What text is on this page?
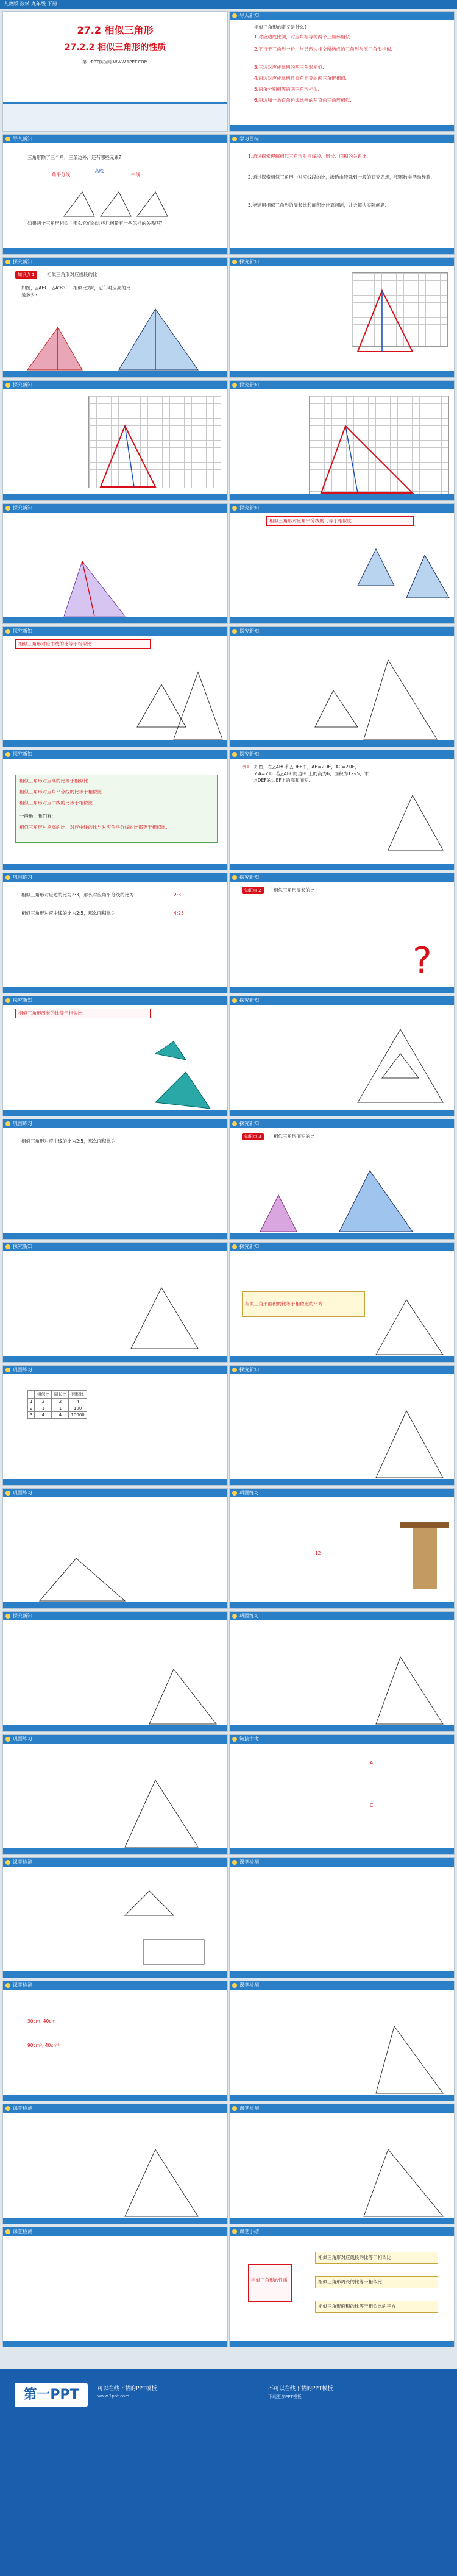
人教版 数学 九年级 下册
27.2 相似三角形
27.2.2 相似三角形的性质
第一PPT模板网-WWW.1PPT.COM
导入新知
相似三角形的定义是什么?
1.对应边成比例，对应角相等的两个三角形相似.
2.平行于三角形一边，与另两边相交所构成的三角形与原三角形相似.
3.三边对应成比例的两三角形相似.
4.两边对应成比例且夹角相等的两三角形相似.
5.两角分别相等的两三角形相似.
6.斜边和一条直角边成比例的两直角三角形相似.
导入新知
三角形除了三个角，三条边外，还有哪些元素?
角平分线
高线
中线
如果两个三角形相似，那么它们的这些几何量有一些怎样的关系呢?
学习目标
1.通过探索理解相似三角形对应线段、周长、面积的关系比.
2.通过探索相似三角形中对应线段的比，渗透由特殊到一般的研究思想，积累数学活动经验.
3.能运用相似三角形的周长比和面积比计算问题，并会解决实际问题.
探究新知
知识点 1	相似三角形对应线段的比
如图，△ABC∽△A'B'C'，相似比为k，它们对应高的比是多少?
探究新知
探究新知	探究新知
探究新知	探究新知
相似三角形对应角平分线的比等于相似比.
探究新知
相似三角形对应中线的比等于相似比.
探究新知
探究新知
相似三角形对应高的比等于相似比.
相似三角形对应角平分线的比等于相似比.
相似三角形对应中线的比等于相似比.
一般地，我们有:
相似三角形对应高的比、对应中线的比与对应角平分线的比都等于相似比.
探究新知
例1 如图，在△ABC和△DEF中，AB=2DE，AC=2DF，∠A=∠D. 若△ABC的边BC上的高为6，面积为12√5，求△DEF的边EF上的高和面积.
巩固练习
相似三角形对应边的比为2:3，那么对应角平分线的比为	2:3
相似三角形对应中线的比为2:5，那么面积比为	4:25
探究新知
知识点 2	相似三角形周长的比
?
探究新知
相似三角形周长的比等于相似比.
探究新知
巩固练习
相似三角形对应中线的比为2:5，那么面积比为
探究新知
知识点 3	相似三角形面积的比
探究新知	探究新知
相似三角形面积的比等于相似比的平方.
巩固练习
	相似比	周长比	面积比
1	2	2	4
2	1	1	100
3	4	4	10000
探究新知
巩固练习	巩固练习
12
探究新知	巩固练习
巩固练习	链接中考
A
C
课堂检测	课堂检测
课堂检测
30cm, 40cm
90cm², 40cm²
课堂检测
课堂检测	课堂检测
课堂检测	课堂小结
相似三角形的性质
相似三角形对应线段的比等于相似比
相似三角形周长的比等于相似比
相似三角形面积的比等于相似比的平方
第一PPT	可以在线下载的PPT模板	不可以在线下载的PPT模板
www.1ppt.com	下载更多PPT模板
